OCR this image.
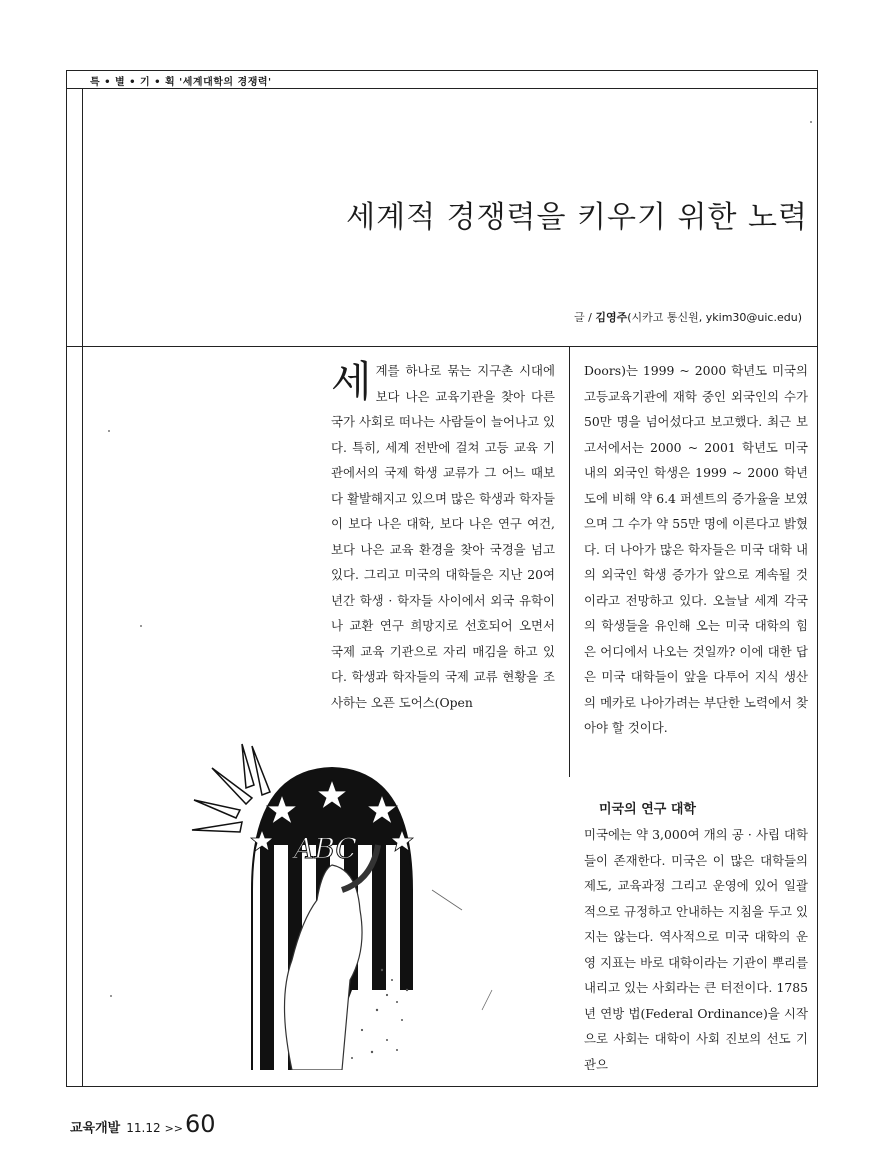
특 • 별 • 기 • 획 '세계대학의 경쟁력'
세계적 경쟁력을 키우기 위한 노력
글 / 김영주(시카고 통신원, ykim30@uic.edu)
세계를 하나로 묶는 지구촌 시대에 보다 나은 교육기관을 찾아 다른 국가 사회로 떠나는 사람들이 늘어나고 있다. 특히, 세계 전반에 걸쳐 고등 교육 기관에서의 국제 학생 교류가 그 어느 때보다 활발해지고 있으며 많은 학생과 학자들이 보다 나은 대학, 보다 나은 연구 여건, 보다 나은 교육 환경을 찾아 국경을 넘고 있다. 그리고 미국의 대학들은 지난 20여 년간 학생 · 학자들 사이에서 외국 유학이나 교환 연구 희망지로 선호되어 오면서 국제 교육 기관으로 자리 매김을 하고 있다. 학생과 학자들의 국제 교류 현황을 조사하는 오픈 도어스(Open
Doors)는 1999 ~ 2000 학년도 미국의 고등교육기관에 재학 중인 외국인의 수가 50만 명을 넘어섰다고 보고했다. 최근 보고서에서는 2000 ~ 2001 학년도 미국 내의 외국인 학생은 1999 ~ 2000 학년도에 비해 약 6.4 퍼센트의 증가율을 보였으며 그 수가 약 55만 명에 이른다고 밝혔다. 더 나아가 많은 학자들은 미국 대학 내의 외국인 학생 증가가 앞으로 계속될 것이라고 전망하고 있다. 오늘날 세계 각국의 학생들을 유인해 오는 미국 대학의 힘은 어디에서 나오는 것일까? 이에 대한 답은 미국 대학들이 앞을 다투어 지식 생산의 메카로 나아가려는 부단한 노력에서 찾아야 할 것이다.
미국의 연구 대학
미국에는 약 3,000여 개의 공 · 사립 대학들이 존재한다. 미국은 이 많은 대학들의 제도, 교육과정 그리고 운영에 있어 일괄적으로 규정하고 안내하는 지침을 두고 있지는 않는다. 역사적으로 미국 대학의 운영 지표는 바로 대학이라는 기관이 뿌리를 내리고 있는 사회라는 큰 터전이다. 1785년 연방 법(Federal Ordinance)을 시작으로 사회는 대학이 사회 진보의 선도 기관으
ABC
교육개발 11.12 >> 60
